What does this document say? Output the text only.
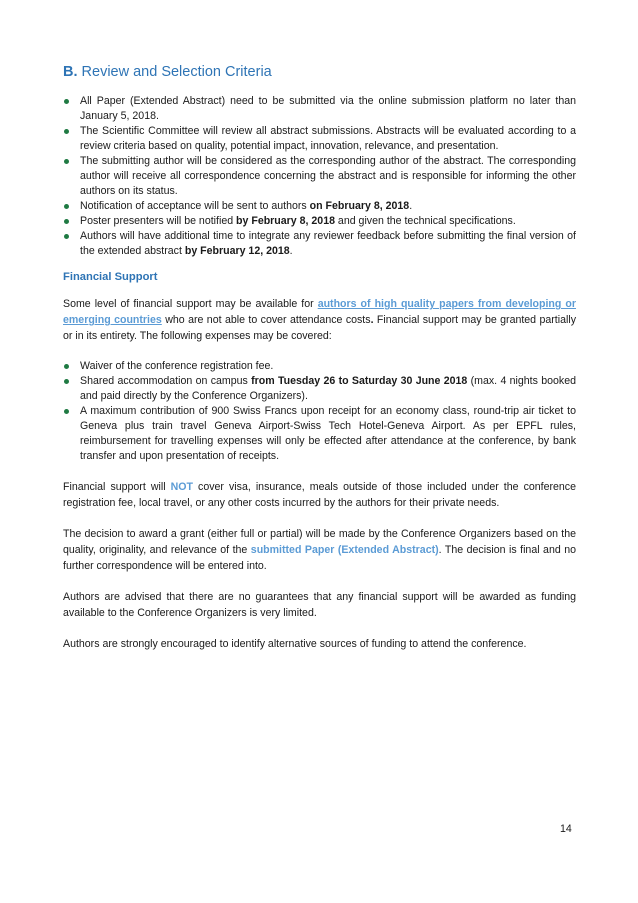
B. Review and Selection Criteria
All Paper (Extended Abstract) need to be submitted via the online submission platform no later than January 5, 2018.
The Scientific Committee will review all abstract submissions. Abstracts will be evaluated according to a review criteria based on quality, potential impact, innovation, relevance, and presentation.
The submitting author will be considered as the corresponding author of the abstract. The corresponding author will receive all correspondence concerning the abstract and is responsible for informing the other authors on its status.
Notification of acceptance will be sent to authors on February 8, 2018.
Poster presenters will be notified by February 8, 2018 and given the technical specifications.
Authors will have additional time to integrate any reviewer feedback before submitting the final version of the extended abstract by February 12, 2018.
Financial Support

Some level of financial support may be available for authors of high quality papers from developing or emerging countries who are not able to cover attendance costs. Financial support may be granted partially or in its entirety. The following expenses may be covered:

Waiver of the conference registration fee.
Shared accommodation on campus from Tuesday 26 to Saturday 30 June 2018 (max. 4 nights booked and paid directly by the Conference Organizers).
A maximum contribution of 900 Swiss Francs upon receipt for an economy class, round-trip air ticket to Geneva plus train travel Geneva Airport-Swiss Tech Hotel-Geneva Airport. As per EPFL rules, reimbursement for travelling expenses will only be effected after attendance at the conference, by bank transfer and upon presentation of receipts.

Financial support will NOT cover visa, insurance, meals outside of those included under the conference registration fee, local travel, or any other costs incurred by the authors for their private needs.

The decision to award a grant (either full or partial) will be made by the Conference Organizers based on the quality, originality, and relevance of the submitted Paper (Extended Abstract). The decision is final and no further correspondence will be entered into.

Authors are advised that there are no guarantees that any financial support will be awarded as funding available to the Conference Organizers is very limited.

Authors are strongly encouraged to identify alternative sources of funding to attend the conference.

14
